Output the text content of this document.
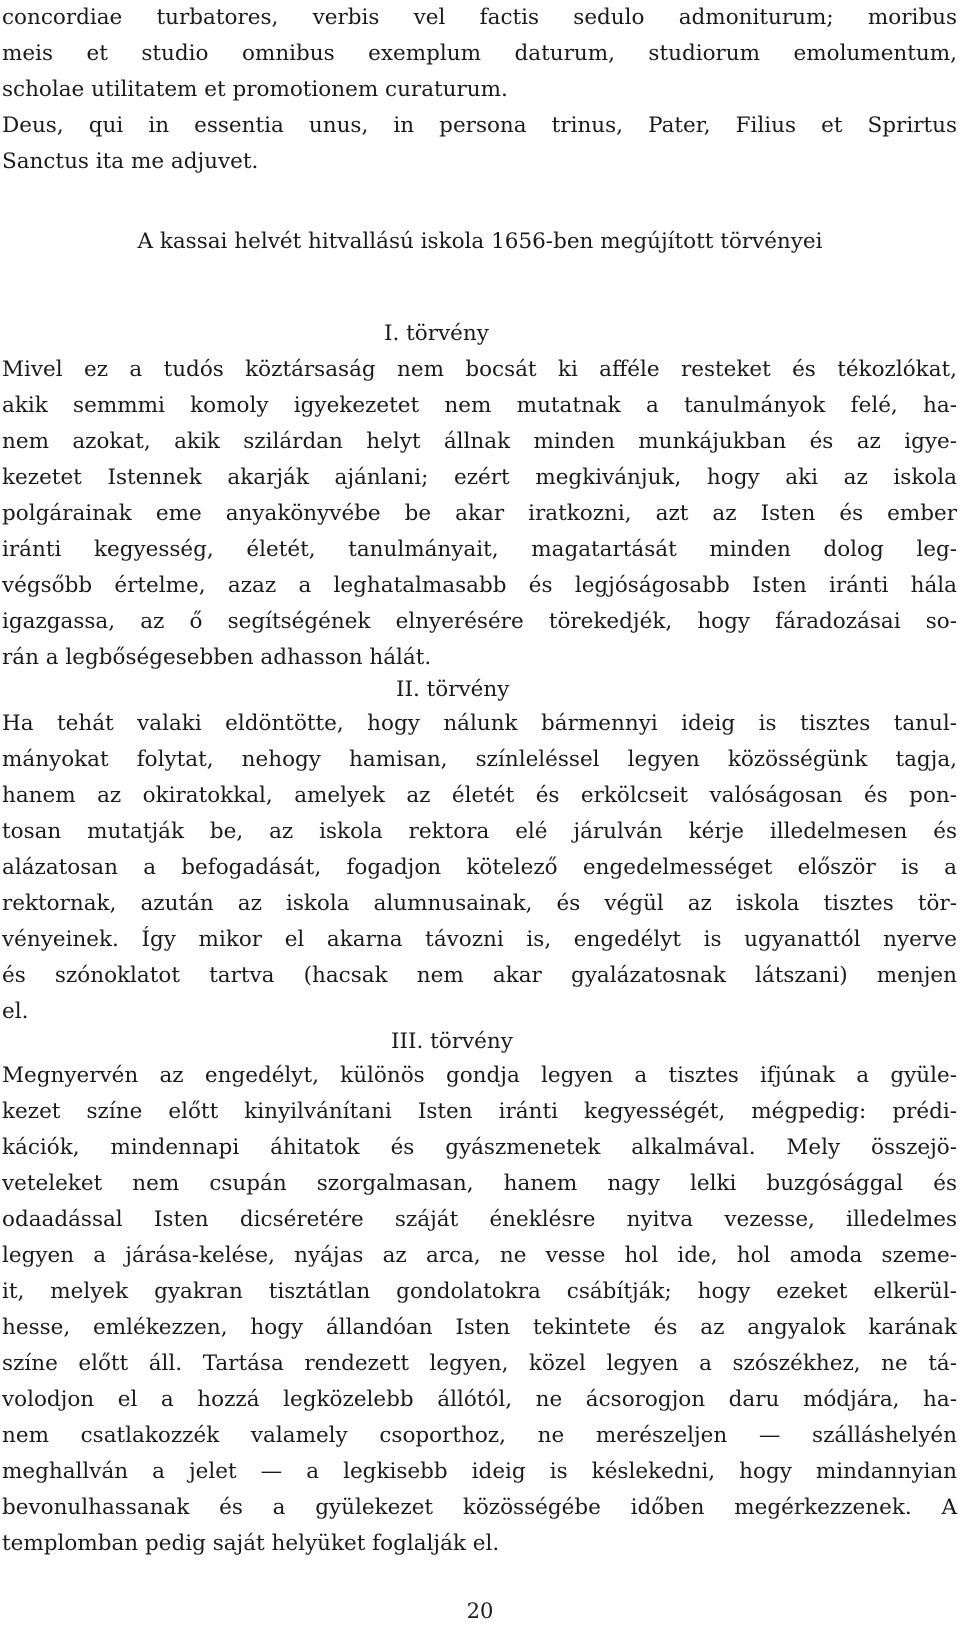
concordiae turbatores, verbis vel factis sedulo admoniturum; moribus
meis et studio omnibus exemplum daturum, studiorum emolumentum,
scholae utilitatem et promotionem curaturum.
Deus, qui in essentia unus, in persona trinus, Pater, Filius et Sprirtus
Sanctus ita me adjuvet.

A kassai helvét hitvallású iskola 1656-ben megújított törvényei
I. törvény

Mivel ez a tudós köztársaság nem bocsát ki afféle resteket és tékozlókat,
akik semmmi komoly igyekezetet nem mutatnak a tanulmányok felé, ha-
nem azokat, akik szilárdan helyt állnak minden munkájukban és az igye-
kezetet Istennek akarják ajánlani; ezért megkivánjuk, hogy aki az iskola
polgárainak eme anyakönyvébe be akar iratkozni, azt az Isten és ember
iránti kegyesség, életét, tanulmányait, magatartását minden dolog leg-
végsőbb értelme, azaz a leghatalmasabb és legjóságosabb Isten iránti hála
igazgassa, az ő segítségének elnyerésére törekedjék, hogy fáradozásai so-
rán a legbőségesebben adhasson hálát.

II. törvény

Ha tehát valaki eldöntötte, hogy nálunk bármennyi ideig is tisztes tanul-
mányokat folytat, nehogy hamisan, színleléssel legyen közösségünk tagja,
hanem az okiratokkal, amelyek az életét és erkölcseit valóságosan és pon-
tosan mutatják be, az iskola rektora elé járulván kérje illedelmesen és
alázatosan a befogadását, fogadjon kötelező engedelmességet először is a
rektornak, azután az iskola alumnusainak, és végül az iskola tisztes tör-
vényeinek. Így mikor el akarna távozni is, engedélyt is ugyanattól nyerve
és szónoklatot tartva (hacsak nem akar gyalázatosnak látszani) menjen
el.

III. törvény

Megnyervén az engedélyt, különös gondja legyen a tisztes ifjúnak a gyüle-
kezet színe előtt kinyilvánítani Isten iránti kegyességét, mégpedig: prédi-
kációk, mindennapi áhitatok és gyászmenetek alkalmával. Mely összejö-
veteleket nem csupán szorgalmasan, hanem nagy lelki buzgósággal és
odaadással Isten dicséretére száját éneklésre nyitva vezesse, illedelmes
legyen a járása-kelése, nyájas az arca, ne vesse hol ide, hol amoda szeme-
it, melyek gyakran tisztátlan gondolatokra csábítják; hogy ezeket elkerül-
hesse, emlékezzen, hogy állandóan Isten tekintete és az angyalok karának
színe előtt áll. Tartása rendezett legyen, közel legyen a szószékhez, ne tá-
volodjon el a hozzá legközelebb állótól, ne ácsorogjon daru módjára, ha-
nem csatlakozzék valamely csoporthoz, ne merészeljen — szálláshelyén
meghallván a jelet — a legkisebb ideig is késlekedni, hogy mindannyian
bevonulhassanak és a gyülekezet közösségébe időben megérkezzenek. A
templomban pedig saját helyüket foglalják el.

20
